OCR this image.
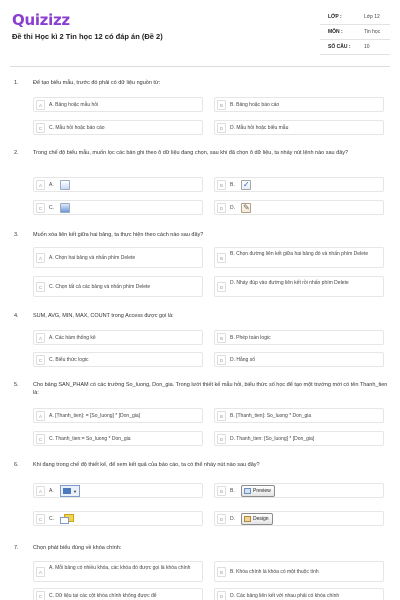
Quizizz
Đề thi Học kì 2 Tin học 12 có đáp án (Đề 2)
LỚP :	Lớp 12
MÔN :	Tin học
SỐ CÂU :	10
1.	Để tạo biểu mẫu, trước đó phải có dữ liệu nguồn từ:
A	A. Bảng hoặc mẫu hỏi	B	B. Bảng hoặc báo cáo
C	C. Mẫu hỏi hoặc báo cáo	D	D. Mẫu hỏi hoặc biểu mẫu
2.	Trong chế độ biểu mẫu, muốn lọc các bản ghi theo ô dữ liệu đang chọn, sau khi đã chọn ô dữ liệu, ta nháy nút lệnh nào sau đây?
A	A.	B	B.
✓
C	C.	D	D.
✎
3.	Muốn xóa liên kết giữa hai bảng, ta thực hiện theo cách nào sau đây?
A	A. Chọn hai bảng và nhấn phím Delete	B
B. Chọn đường liên kết giữa hai bảng đó và nhấn phím Delete
C	C. Chọn tất cả các bảng và nhấn phím Delete	D
D. Nháy đúp vào đường liên kết rồi nhấn phím Delete
4.	SUM, AVG, MIN, MAX, COUNT trong Access được gọi là:
A	A. Các hàm thống kê	B	B. Phép toán logic
C	C. Biểu thức logic	D	D. Hằng số
5.	Cho bảng SAN_PHAM có các trường So_luong, Don_gia. Trong lưới thiết kế mẫu hỏi, biểu thức số học để tạo một trường mới có tên Thanh_tien là:
A	A. [Thanh_tien]: = [So_luong] * [Don_gia]	B	B. [Thanh_tien]: So_luong * Don_gia
C	C. Thanh_tien:= So_luong * Don_gia	D	D. Thanh_tien: [So_luong] * [Don_gia]
6.	Khi đang trong chế độ thiết kế, để xem kết quả của báo cáo, ta có thể nháy nút nào sau đây?
A	A.	▼	B	B.	Preview
C	C.	D	D.	Design
7.	Chọn phát biểu đúng về khóa chính:
A
A. Mỗi bảng có nhiều khóa, các khóa đó được gọi là khóa chính
B	B. Khóa chính là khóa có một thuộc tính
C	C. Dữ liệu tại các cột khóa chính không được để	D	D. Các bảng liên kết với nhau phải có khóa chính
